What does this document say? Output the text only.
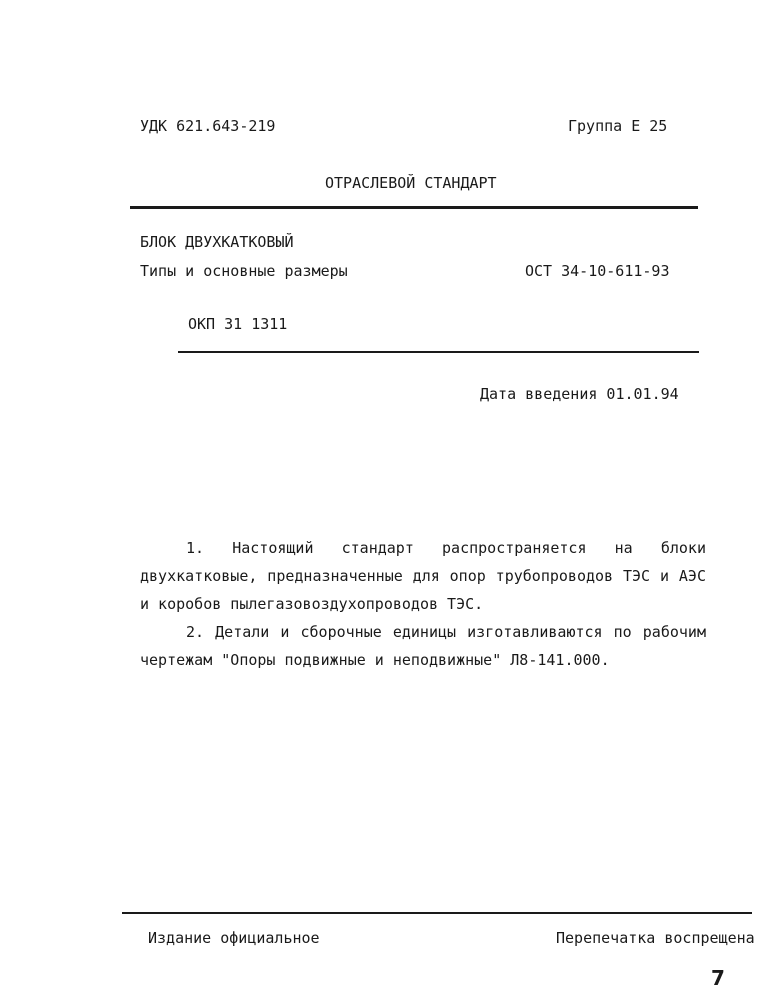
УДК 621.643-219	Группа Е 25
ОТРАСЛЕВОЙ СТАНДАРТ
БЛОК ДВУХКАТКОВЫЙ
Типы и основные размеры	ОСТ 34-10-611-93
ОКП 31 1311
Дата введения 01.01.94
1. Настоящий стандарт распространяется на блоки двухкатковые, предназначенные для опор трубопроводов ТЭС и АЭС и коробов пылегазовоздухопроводов ТЭС.
2. Детали и сборочные единицы изготавливаются по рабочим чертежам "Опоры подвижные и неподвижные" Л8-141.000.
Издание официальное	Перепечатка воспрещена
7
